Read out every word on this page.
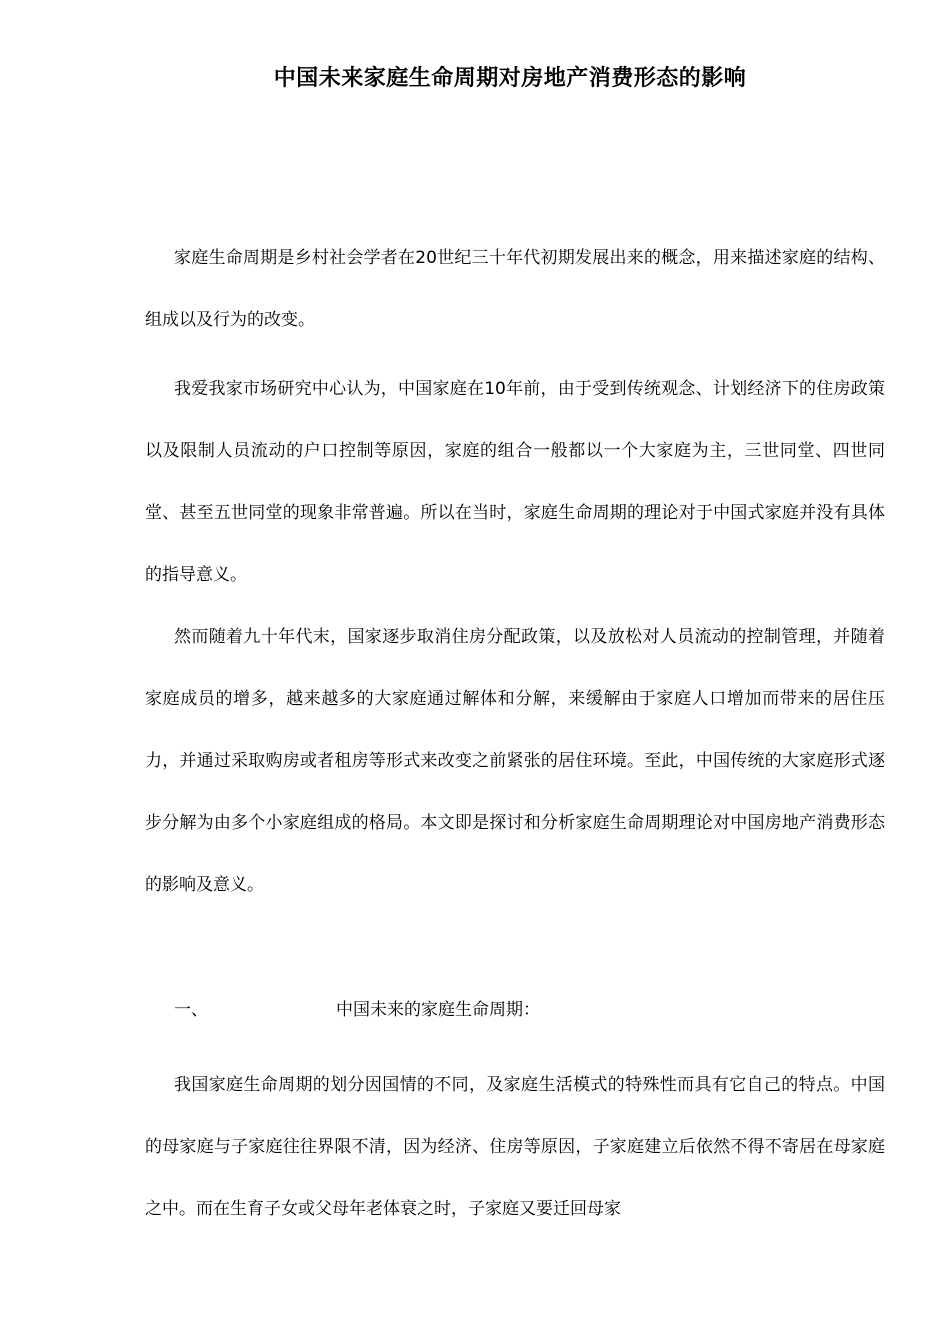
中国未来家庭生命周期对房地产消费形态的影响

家庭生命周期是乡村社会学者在20世纪三十年代初期发展出来的概念，用来描述家庭的结构、组成以及行为的改变。

我爱我家市场研究中心认为，中国家庭在10年前，由于受到传统观念、计划经济下的住房政策以及限制人员流动的户口控制等原因，家庭的组合一般都以一个大家庭为主，三世同堂、四世同堂、甚至五世同堂的现象非常普遍。所以在当时，家庭生命周期的理论对于中国式家庭并没有具体的指导意义。

然而随着九十年代末，国家逐步取消住房分配政策，以及放松对人员流动的控制管理，并随着家庭成员的增多，越来越多的大家庭通过解体和分解，来缓解由于家庭人口增加而带来的居住压力，并通过采取购房或者租房等形式来改变之前紧张的居住环境。至此，中国传统的大家庭形式逐步分解为由多个小家庭组成的格局。本文即是探讨和分析家庭生命周期理论对中国房地产消费形态的影响及意义。

一、	中国未来的家庭生命周期：

我国家庭生命周期的划分因国情的不同，及家庭生活模式的特殊性而具有它自己的特点。中国的母家庭与子家庭往往界限不清，因为经济、住房等原因，子家庭建立后依然不得不寄居在母家庭之中。而在生育子女或父母年老体衰之时，子家庭又要迁回母家
